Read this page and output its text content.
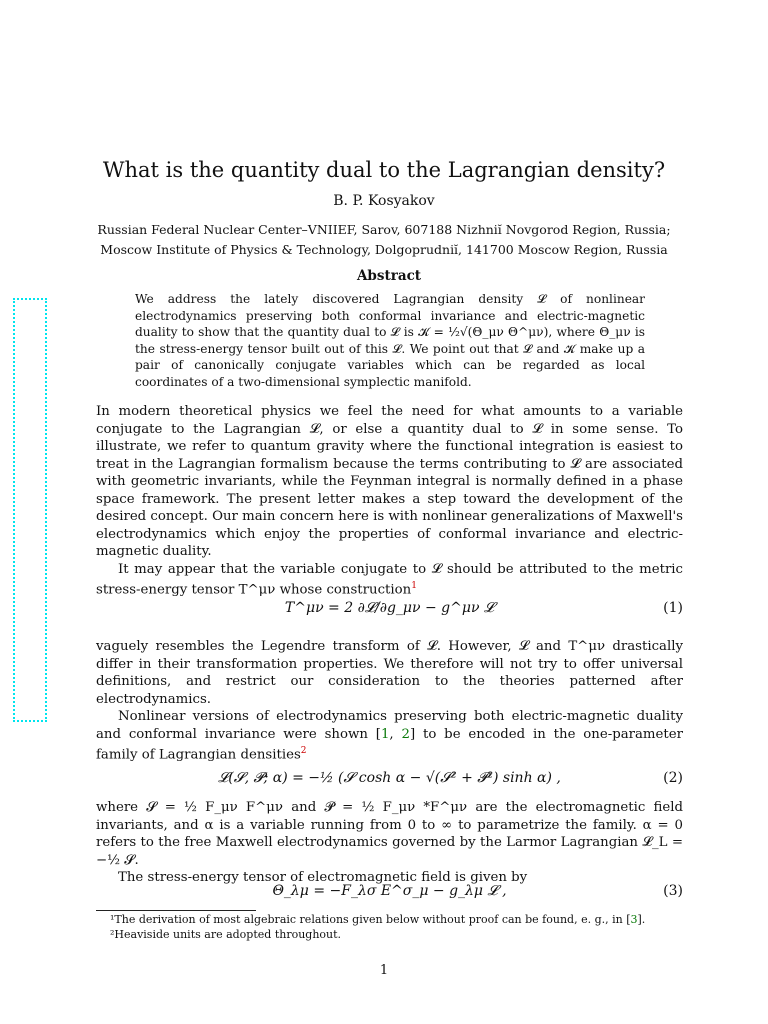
What is the quantity dual to the Lagrangian density?
B. P. Kosyakov
Russian Federal Nuclear Center–VNIIEF, Sarov, 607188 Nizhniĭ Novgorod Region, Russia;
Moscow Institute of Physics & Technology, Dolgoprudniĭ, 141700 Moscow Region, Russia
Abstract
We address the lately discovered Lagrangian density 𝓛 of nonlinear electrodynamics preserving both conformal invariance and electric-magnetic duality to show that the quantity dual to 𝓛 is 𝓚 = ½√(Θ_μν Θ^μν), where Θ_μν is the stress-energy tensor built out of this 𝓛. We point out that 𝓛 and 𝓚 make up a pair of canonically conjugate variables which can be regarded as local coordinates of a two-dimensional symplectic manifold.

In modern theoretical physics we feel the need for what amounts to a variable conjugate to the Lagrangian 𝓛, or else a quantity dual to 𝓛 in some sense. To illustrate, we refer to quantum gravity where the functional integration is easiest to treat in the Lagrangian formalism because the terms contributing to 𝓛 are associated with geometric invariants, while the Feynman integral is normally defined in a phase space framework. The present letter makes a step toward the development of the desired concept. Our main concern here is with nonlinear generalizations of Maxwell's electrodynamics which enjoy the properties of conformal invariance and electric-magnetic duality.

It may appear that the variable conjugate to 𝓛 should be attributed to the metric stress-energy tensor T^μν whose construction$^1$

T^μν = 2 ∂𝓛/∂g_μν − g^μν 𝓛	(1)

vaguely resembles the Legendre transform of 𝓛. However, 𝓛 and T^μν drastically differ in their transformation properties. We therefore will not try to offer universal definitions, and restrict our consideration to the theories patterned after electrodynamics.

Nonlinear versions of electrodynamics preserving both electric-magnetic duality and conformal invariance were shown [1, 2] to be encoded in the one-parameter family of Lagrangian densities$^2$

𝓛(𝓢, 𝓟; α) = −½ (𝓢 cosh α − √(𝓢² + 𝓟²) sinh α) ,	(2)

where 𝓢 = ½ F_μν F^μν and 𝓟 = ½ F_μν *F^μν are the electromagnetic field invariants, and α is a variable running from 0 to ∞ to parametrize the family. α = 0 refers to the free Maxwell electrodynamics governed by the Larmor Lagrangian 𝓛_L = −½ 𝓢.

The stress-energy tensor of electromagnetic field is given by

Θ_λμ = −F_λσ E^σ_μ − g_λμ 𝓛 ,	(3)
¹The derivation of most algebraic relations given below without proof can be found, e. g., in [3].
²Heaviside units are adopted throughout.
1
